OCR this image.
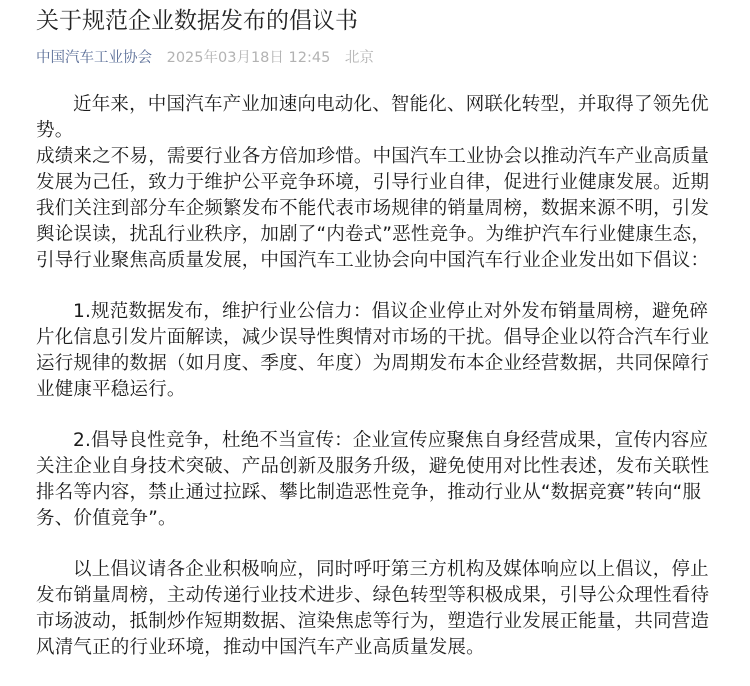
关于规范企业数据发布的倡议书
中国汽车工业协会 2025年03月18日 12:45 北京

近年来，中国汽车产业加速向电动化、智能化、网联化转型，并取得了领先优势。

成绩来之不易，需要行业各方倍加珍惜。中国汽车工业协会以推动汽车产业高质量发展为己任，致力于维护公平竞争环境，引导行业自律，促进行业健康发展。近期我们关注到部分车企频繁发布不能代表市场规律的销量周榜，数据来源不明，引发舆论误读，扰乱行业秩序，加剧了“内卷式”恶性竞争。为维护汽车行业健康生态，引导行业聚焦高质量发展，中国汽车工业协会向中国汽车行业企业发出如下倡议：

1.规范数据发布，维护行业公信力：倡议企业停止对外发布销量周榜，避免碎片化信息引发片面解读，减少误导性舆情对市场的干扰。倡导企业以符合汽车行业运行规律的数据（如月度、季度、年度）为周期发布本企业经营数据，共同保障行业健康平稳运行。

2.倡导良性竞争，杜绝不当宣传：企业宣传应聚焦自身经营成果，宣传内容应关注企业自身技术突破、产品创新及服务升级，避免使用对比性表述，发布关联性排名等内容，禁止通过拉踩、攀比制造恶性竞争，推动行业从“数据竞赛”转向“服务、价值竞争”。

以上倡议请各企业积极响应，同时呼吁第三方机构及媒体响应以上倡议，停止发布销量周榜，主动传递行业技术进步、绿色转型等积极成果，引导公众理性看待市场波动，抵制炒作短期数据、渲染焦虑等行为，塑造行业发展正能量，共同营造风清气正的行业环境，推动中国汽车产业高质量发展。
